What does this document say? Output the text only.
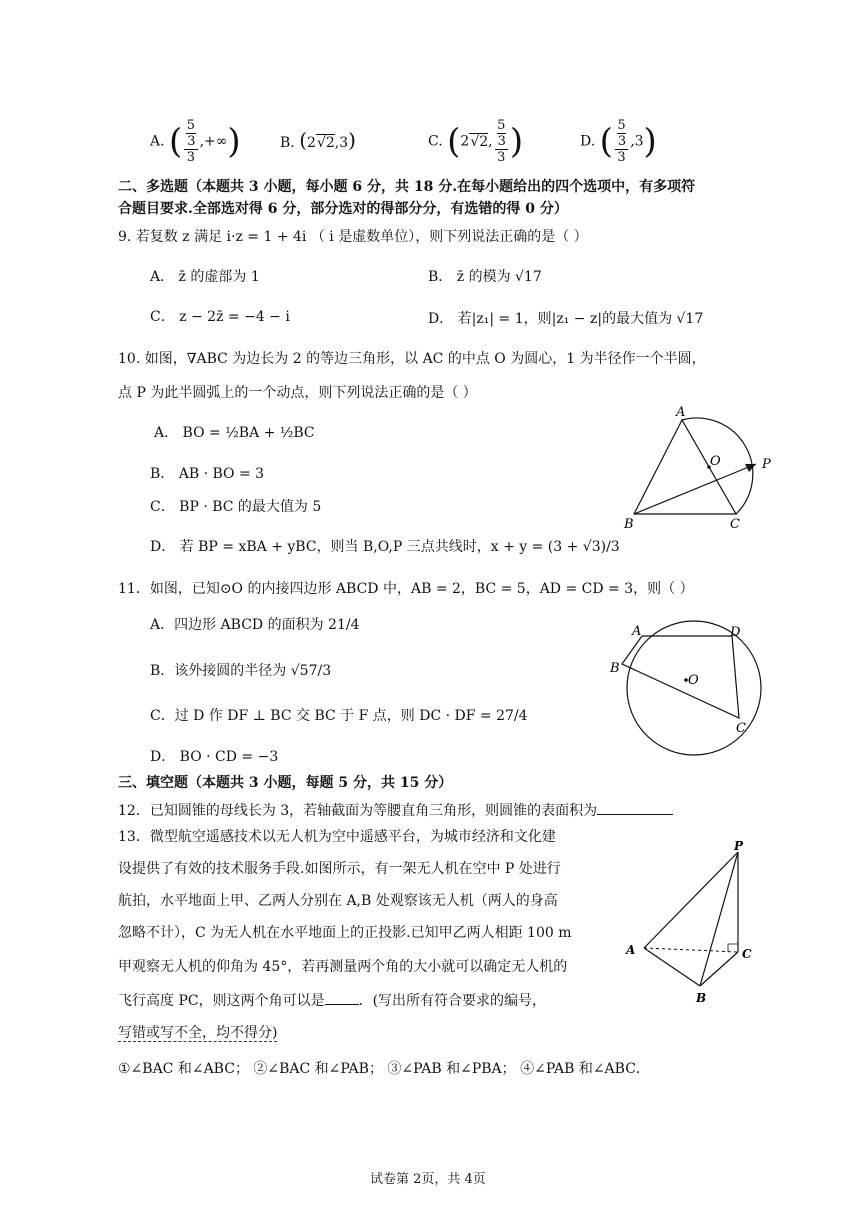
A. ( 5
3
3 ,+∞)	B. (2√2,3)	C. (2√2, 5
3
3 )	D. ( 5
3
3 ,3)
二、多选题（本题共 3 小题，每小题 6 分，共 18 分.在每小题给出的四个选项中，有多项符
合题目要求.全部选对得 6 分，部分选对的得部分分，有选错的得 0 分）
9. 若复数 z 满足 i·z = 1 + 4i （ i 是虚数单位），则下列说法正确的是（ ）
A． z̄ 的虚部为 1	B． z̄ 的模为 √17
C． z − 2z̄ = −4 − i	D． 若|z₁| = 1，则|z₁ − z|的最大值为 √17
10. 如图，∇ABC 为边长为 2 的等边三角形，以 AC 的中点 O 为圆心，1 为半径作一个半圆，
点 P 为此半圆弧上的一个动点，则下列说法正确的是（ ）
A． BO = ½BA + ½BC
B． AB · BO = 3
C． BP · BC 的最大值为 5
D． 若 BP = xBA + yBC，则当 B,O,P 三点共线时，x + y = (3 + √3)/3
A
B	C
O	P
11．如图，已知⊙O 的内接四边形 ABCD 中，AB = 2，BC = 5，AD = CD = 3，则（ ）
A．四边形 ABCD 的面积为 21/4
B．该外接圆的半径为 √57/3
C．过 D 作 DF ⊥ BC 交 BC 于 F 点，则 DC · DF = 27/4
D． BO · CD = −3
A	D
B
C
O
三、填空题（本题共 3 小题，每题 5 分，共 15 分）
12．已知圆锥的母线长为 3，若轴截面为等腰直角三角形，则圆锥的表面积为
13．微型航空遥感技术以无人机为空中遥感平台，为城市经济和文化建
设提供了有效的技术服务手段.如图所示，有一架无人机在空中 P 处进行
航拍，水平地面上甲、乙两人分别在 A,B 处观察该无人机（两人的身高
忽略不计），C 为无人机在水平地面上的正投影.已知甲乙两人相距 100 m
甲观察无人机的仰角为 45°，若再测量两个角的大小就可以确定无人机的
飞行高度 PC，则这两个角可以是 ．(写出所有符合要求的编号，
写错或写不全，均不得分)
①∠BAC 和∠ABC； ②∠BAC 和∠PAB； ③∠PAB 和∠PBA； ④∠PAB 和∠ABC．
P
A
B
C
试卷第 2页，共 4页
